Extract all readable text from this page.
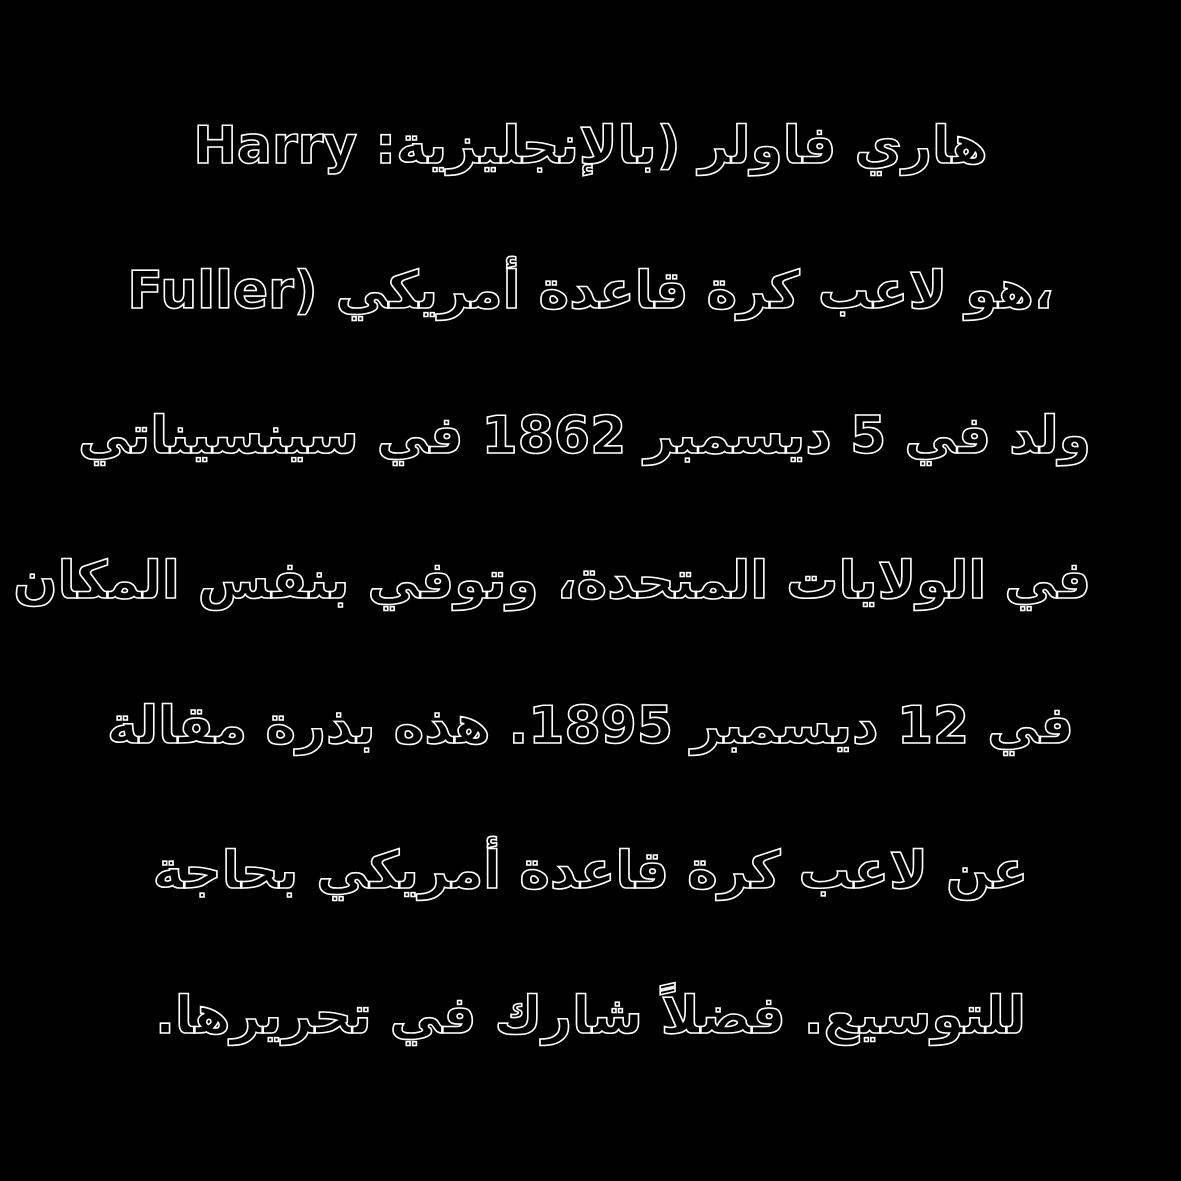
هاري فاولر (بالإنجليزية: Harry
Fuller) هو لاعب كرة قاعدة أمريكي،
ولد في 5 ديسمبر 1862 في سينسيناتي
في الولايات المتحدة، وتوفي بنفس المكان
في 12 ديسمبر 1895. هذه بذرة مقالة
عن لاعب كرة قاعدة أمريكي بحاجة
للتوسيع. فضلاً شارك في تحريرها.
